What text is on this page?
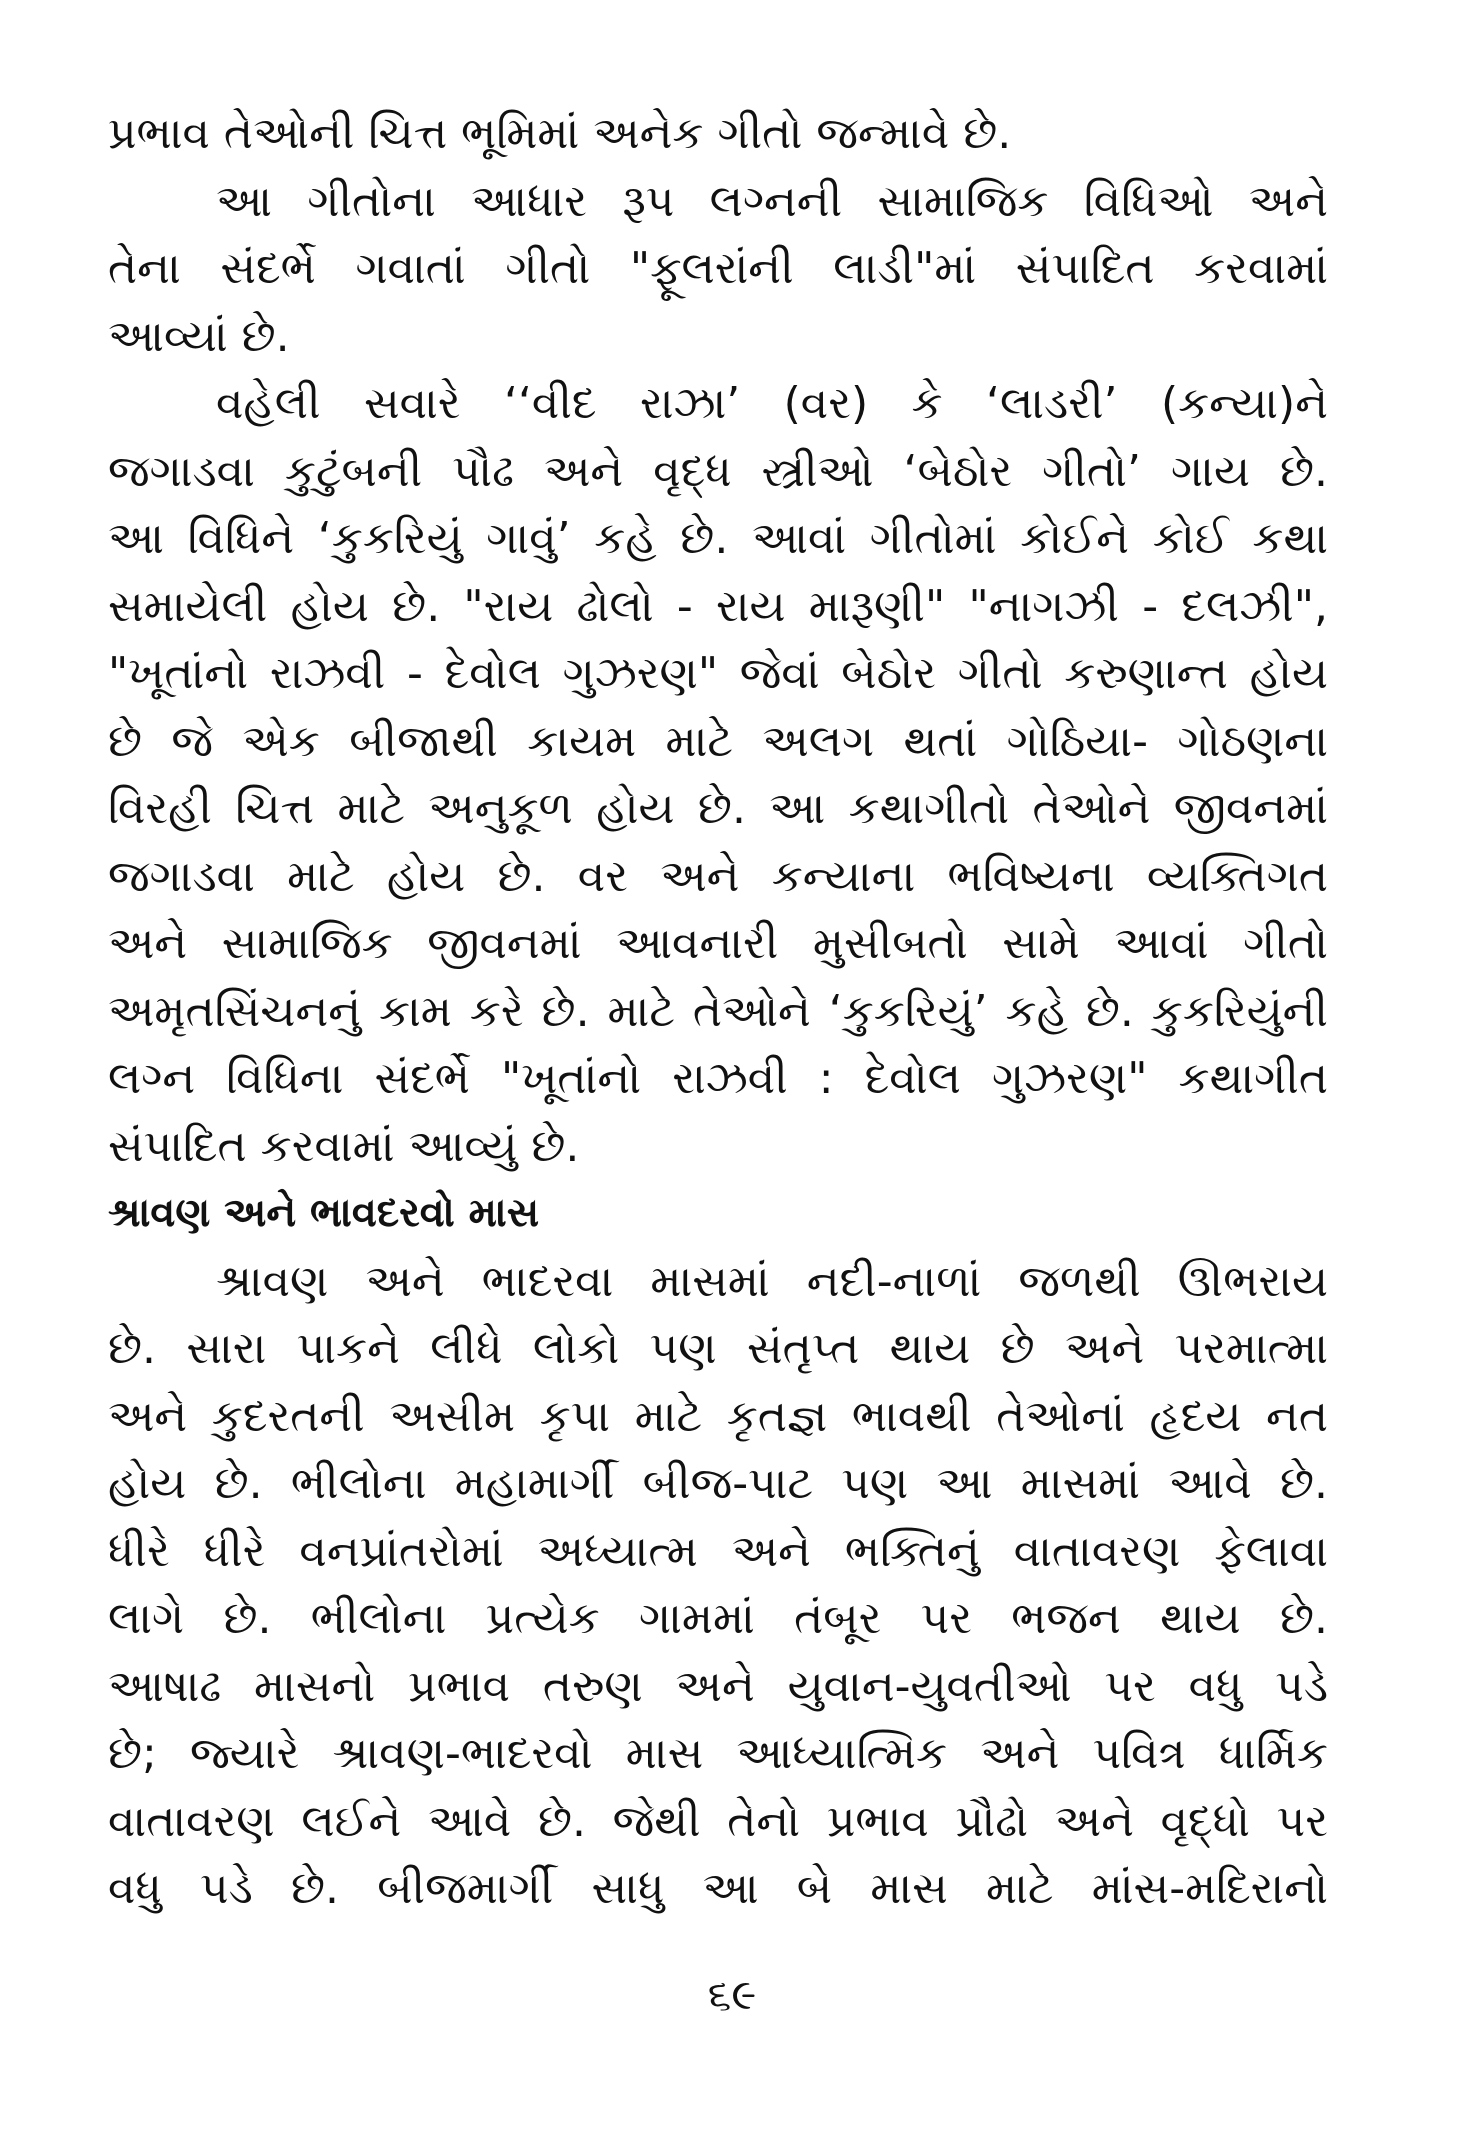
પ્રભાવ તેઓની ચિત્ત ભૂમિમાં અનેક ગીતો જન્માવે છે.
આ ગીતોના આધાર રૂપ લગ્નની સામાજિક વિધિઓ અને
તેના સંદર્ભે ગવાતાં ગીતો "ફૂલરાંની લાડી"માં સંપાદિત કરવામાં
આવ્યાં છે.
વહેલી સવારે ‘‘વીદ રાઝા’ (વર) કે ‘લાડરી’ (કન્યા)ને
જગાડવા કુટુંબની પૌઢ અને વૃદ્ધ સ્ત્રીઓ ‘બેઠોર ગીતો’ ગાય છે.
આ વિધિને ‘કુકરિયું ગાવું’ કહે છે. આવાં ગીતોમાં કોઈને કોઈ કથા
સમાયેલી હોય છે. "રાય ઢોલો - રાય મારૂણી" "નાગઝી - દલઝી",
"ખૂતાંનો રાઝવી - દેવોલ ગુઝરણ" જેવાં બેઠોર ગીતો કરુણાન્ત હોય
છે જે એક બીજાથી કાયમ માટે અલગ થતાં ગોઠિયા- ગોઠણના
વિરહી ચિત્ત માટે અનુકૂળ હોય છે. આ કથાગીતો તેઓને જીવનમાં
જગાડવા માટે હોય છે. વર અને કન્યાના ભવિષ્યના વ્યક્તિગત
અને સામાજિક જીવનમાં આવનારી મુસીબતો સામે આવાં ગીતો
અમૃતસિંચનનું કામ કરે છે. માટે તેઓને ‘કુકરિયું’ કહે છે. કુકરિયુંની
લગ્ન વિધિના સંદર્ભે "ખૂતાંનો રાઝવી : દેવોલ ગુઝરણ" કથાગીત
સંપાદિત કરવામાં આવ્યું છે.
શ્રાવણ અને ભાવદરવો માસ
શ્રાવણ અને ભાદરવા માસમાં નદી-નાળાં જળથી ઊભરાય
છે. સારા પાકને લીધે લોકો પણ સંતૃપ્ત થાય છે અને પરમાત્મા
અને કુદરતની અસીમ કૃપા માટે કૃતજ્ઞ ભાવથી તેઓનાં હૃદય નત
હોય છે. ભીલોના મહામાર્ગી બીજ-પાટ પણ આ માસમાં આવે છે.
ધીરે ધીરે વનપ્રાંતરોમાં અધ્યાત્મ અને ભક્તિનું વાતાવરણ ફેલાવા
લાગે છે. ભીલોના પ્રત્યેક ગામમાં તંબૂર પર ભજન થાય છે.
આષાઢ માસનો પ્રભાવ તરુણ અને યુવાન-યુવતીઓ પર વધુ પડે
છે; જ્યારે શ્રાવણ-ભાદરવો માસ આધ્યાત્મિક અને પવિત્ર ધાર્મિક
વાતાવરણ લઈને આવે છે. જેથી તેનો પ્રભાવ પ્રૌઢો અને વૃદ્ધો પર
વધુ પડે છે. બીજમાર્ગી સાધુ આ બે માસ માટે માંસ-મદિરાનો
૬૯
